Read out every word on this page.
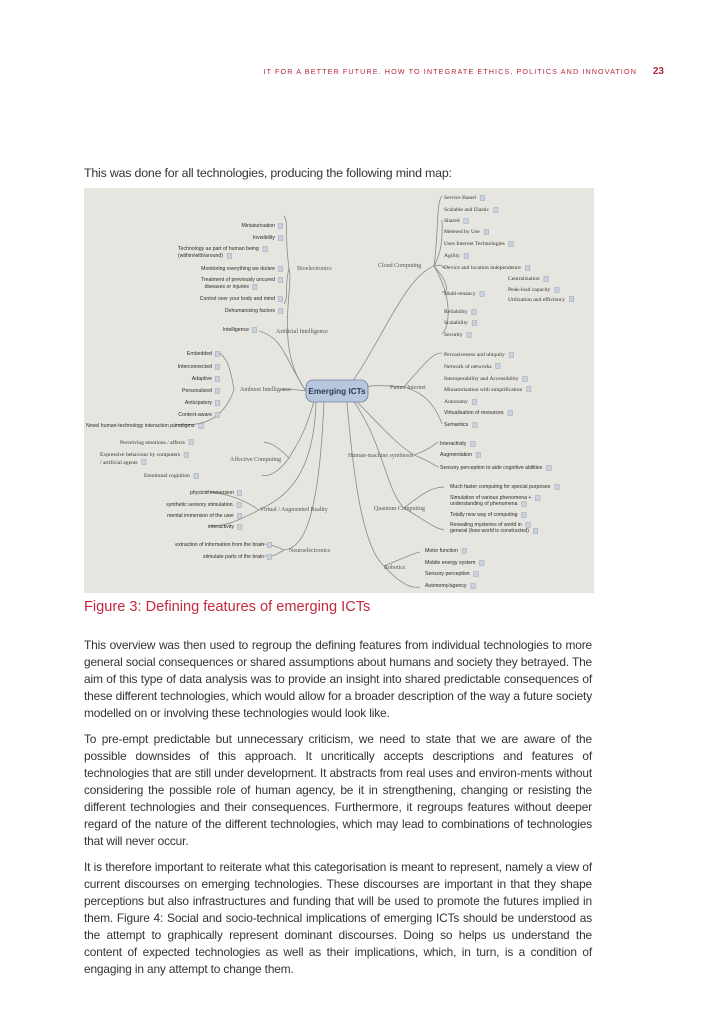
IT FOR A BETTER FUTURE. HOW TO INTEGRATE ETHICS, POLITICS AND INNOVATION 23
This was done for all technologies, producing the following mind map:
Emerging ICTs
Bioelectronics
Artificial Intelligence
Ambient Intelligence
Affective Computing
Virtual / Augmented Reality
Neuroelectronics
Cloud Computing
Future Internet
Human-machine symbiosis
Quantum Computing
Robotics
Miniaturisation
Invisibility
Technology as part of human being
(within/with/around)
Monitoring everything we do/are
Treatment of previously uncured
diseases or injuries
Control over your body and mind
Dehumanising factors
Intelligence
Embedded
Interconnected
Adaptive
Personalized
Anticipatory
Context-aware
Novel human-technology interaction paradigms
Perceiving emotions / affects
Expressive behaviour by computers
/ artificial agents
Emotional cognition
physical immersion
synthetic sensory stimulation.
mental immersion of the user
interactivity
extraction of information from the brain
stimulate parts of the brain
Service Based
Scalable and Elastic
Shared
Metered by Use
Uses Internet Technologies
Agility
Device and location independence
Centralization
Peak-load capacity
Utilization and efficiency
Multi-tenancy
Reliability
Scalability
Security
Pervasiveness and ubiquity
Network of networks
Interoperability and Accessibility
Miniaturisation with simplification
Autonomy
Virtualisation of resources
Semantics
Interactivity
Augmentation
Sensory perception to aide cognitive abilities
Much faster computing for special purposes
Simulation of various phenomena +
understanding of phenomena
Totally new way of computing
Revealing mysteries of world in
general (how world is constructed)
Motor function
Mobile energy system
Sensory perception
Autonomy/agency
Figure 3: Defining features of emerging ICTs

This overview was then used to regroup the defining features from individual technologies to more general social consequences or shared assumptions about humans and society they betrayed. The aim of this type of data analysis was to provide an insight into shared predictable consequences of these different technologies, which would allow for a broader description of the way a future society modelled on or involving these technologies would look like.

To pre-empt predictable but unnecessary criticism, we need to state that we are aware of the possible downsides of this approach. It uncritically accepts descriptions and features of technologies that are still under development. It abstracts from real uses and environ-ments without considering the possible role of human agency, be it in strengthening, changing or resisting the different technologies and their consequences. Furthermore, it regroups features without deeper regard of the nature of the different technologies, which may lead to combinations of technologies that will never occur.

It is therefore important to reiterate what this categorisation is meant to represent, namely a view of current discourses on emerging technologies. These discourses are important in that they shape perceptions but also infrastructures and funding that will be used to promote the futures implied in them. Figure 4: Social and socio-technical implications of emerging ICTs should be understood as the attempt to graphically represent dominant discourses. Doing so helps us understand the content of expected technologies as well as their implications, which, in turn, is a condition of engaging in any attempt to change them.
